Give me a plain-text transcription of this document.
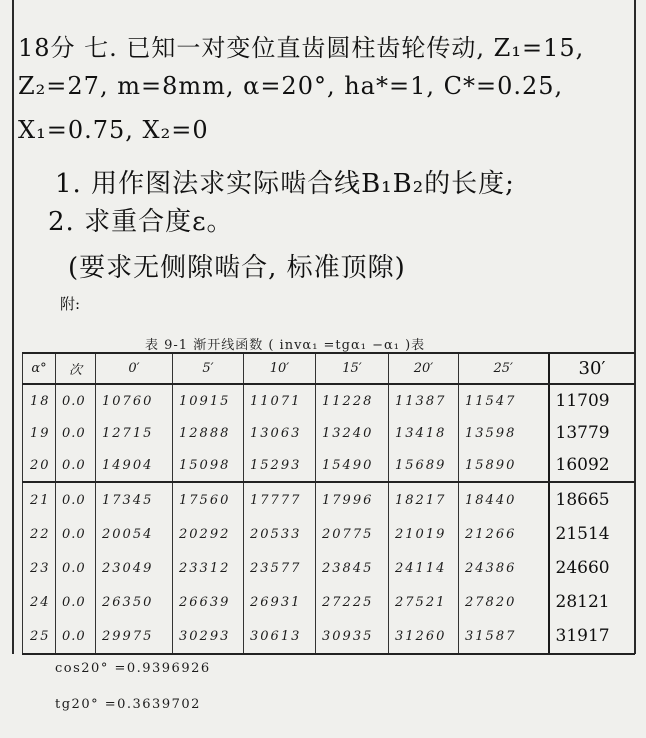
18分 七. 已知一对变位直齿圆柱齿轮传动, Z₁=15,
Z₂=27, m=8mm, α=20°, ha*=1, C*=0.25,
X₁=0.75, X₂=0
1. 用作图法求实际啮合线B₁B₂的长度;
2. 求重合度ε。
(要求无侧隙啮合, 标准顶隙)
附:
表 9-1 渐开线函数 ( invα₁ =tgα₁ −α₁ )表
α°	次	0′	5′	10′	15′	20′	25′	30′
18	0.0	10760	10915	11071	11228	11387	11547	11709
19	0.0	12715	12888	13063	13240	13418	13598	13779
20	0.0	14904	15098	15293	15490	15689	15890	16092
21	0.0	17345	17560	17777	17996	18217	18440	18665
22	0.0	20054	20292	20533	20775	21019	21266	21514
23	0.0	23049	23312	23577	23845	24114	24386	24660
24	0.0	26350	26639	26931	27225	27521	27820	28121
25	0.0	29975	30293	30613	30935	31260	31587	31917
cos20° =0.9396926
tg20° =0.3639702
